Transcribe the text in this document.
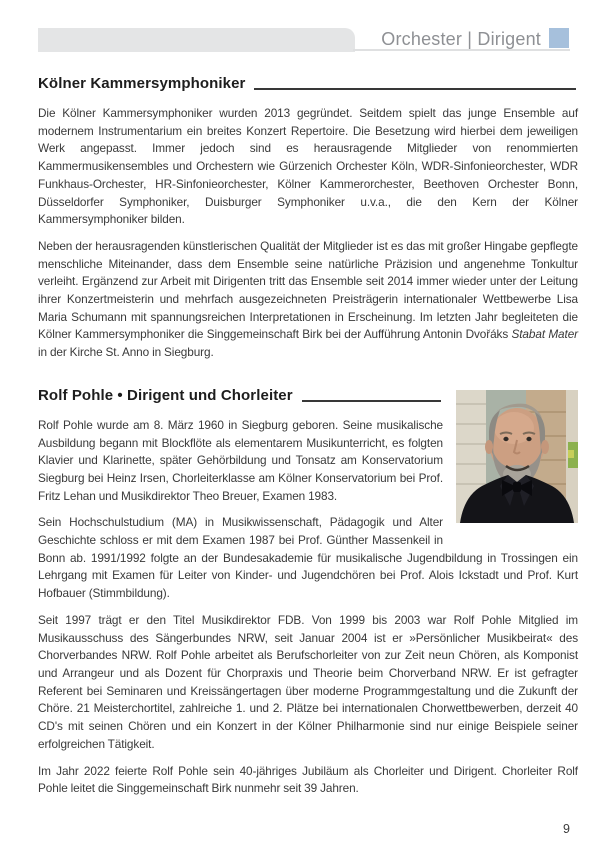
Orchester | Dirigent
Kölner Kammersymphoniker

Die Kölner Kammersymphoniker wurden 2013 gegründet. Seitdem spielt das junge Ensemble auf modernem Instrumentarium ein breites Konzert Repertoire. Die Besetzung wird hierbei dem jeweiligen Werk angepasst. Immer jedoch sind es herausragende Mitglieder von renommierten Kammermusikensembles und Orchestern wie Gürzenich Orchester Köln, WDR-Sinfonieorchester, WDR Funkhaus-Orchester, HR-Sinfonieorchester, Kölner Kammerorchester, Beethoven Orchester Bonn, Düsseldorfer Symphoniker, Duisburger Symphoniker u.v.a., die den Kern der Kölner Kammersymphoniker bilden.

Neben der herausragenden künstlerischen Qualität der Mitglieder ist es das mit großer Hingabe gepflegte menschliche Miteinander, dass dem Ensemble seine natürliche Präzision und angenehme Tonkultur verleiht. Ergänzend zur Arbeit mit Dirigenten tritt das Ensemble seit 2014 immer wieder unter der Leitung ihrer Konzertmeisterin und mehrfach ausgezeichneten Preisträgerin internationaler Wettbewerbe Lisa Maria Schumann mit spannungsreichen Interpretationen in Erscheinung. Im letzten Jahr begleiteten die Kölner Kammersymphoniker die Singgemeinschaft Birk bei der Aufführung Antonin Dvořáks Stabat Mater in der Kirche St. Anno in Siegburg.

Rolf Pohle • Dirigent und Chorleiter

Rolf Pohle wurde am 8. März 1960 in Siegburg geboren. Seine musikalische Ausbildung begann mit Blockflöte als elementarem Musikunterricht, es folgten Klavier und Klarinette, später Gehörbildung und Tonsatz am Konservatorium Siegburg bei Heinz Irsen, Chorleiterklasse am Kölner Konservatorium bei Prof. Fritz Lehan und Musikdirektor Theo Breuer, Examen 1983.

Sein Hochschulstudium (MA) in Musikwissenschaft, Pädagogik und Alter Geschichte schloss er mit dem Examen 1987 bei Prof. Günther Massenkeil in Bonn ab. 1991/1992 folgte an der Bundesakademie für musikalische Jugendbildung in Trossingen ein Lehrgang mit Examen für Leiter von Kinder- und Jugendchören bei Prof. Alois Ickstadt und Prof. Kurt Hofbauer (Stimmbildung).

Seit 1997 trägt er den Titel Musikdirektor FDB. Von 1999 bis 2003 war Rolf Pohle Mitglied im Musikausschuss des Sängerbundes NRW, seit Januar 2004 ist er »Persönlicher Musikbeirat« des Chorverbandes NRW. Rolf Pohle arbeitet als Berufschorleiter von zur Zeit neun Chören, als Komponist und Arrangeur und als Dozent für Chorpraxis und Theorie beim Chorverband NRW. Er ist gefragter Referent bei Seminaren und Kreissängertagen über moderne Programmgestaltung und die Zukunft der Chöre. 21 Meisterchortitel, zahlreiche 1. und 2. Plätze bei internationalen Chorwettbewerben, derzeit 40 CD's mit seinen Chören und ein Konzert in der Kölner Philharmonie sind nur einige Beispiele seiner erfolgreichen Tätigkeit.

Im Jahr 2022 feierte Rolf Pohle sein 40-jähriges Jubiläum als Chorleiter und Dirigent. Chorleiter Rolf Pohle leitet die Singgemeinschaft Birk nunmehr seit 39 Jahren.

9
